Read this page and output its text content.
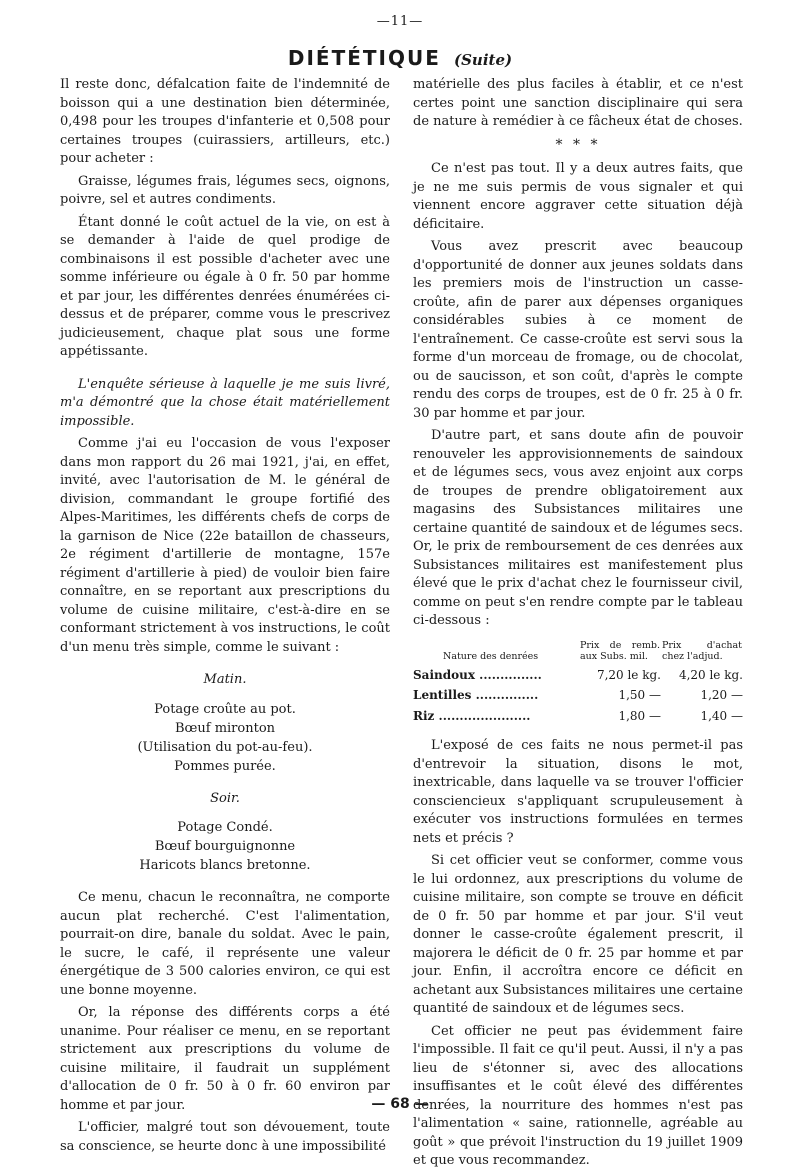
—11—
DIÉTÉTIQUE (Suite)

Il reste donc, défalcation faite de l'indemnité de boisson qui a une destination bien déterminée, 0,498 pour les troupes d'infanterie et 0,508 pour certaines troupes (cuirassiers, artilleurs, etc.) pour acheter :

Graisse, légumes frais, légumes secs, oignons, poivre, sel et autres condiments.

Étant donné le coût actuel de la vie, on est à se demander à l'aide de quel prodige de combinaisons il est possible d'acheter avec une somme inférieure ou égale à 0 fr. 50 par homme et par jour, les différentes denrées énumérées ci-dessus et de préparer, comme vous le prescrivez judicieusement, chaque plat sous une forme appétissante.

L'enquête sérieuse à laquelle je me suis livré, m'a démontré que la chose était matériellement impossible.

Comme j'ai eu l'occasion de vous l'exposer dans mon rapport du 26 mai 1921, j'ai, en effet, invité, avec l'autorisation de M. le général de division, commandant le groupe fortifié des Alpes-Maritimes, les différents chefs de corps de la garnison de Nice (22e bataillon de chasseurs, 2e régiment d'artillerie de montagne, 157e régiment d'artillerie à pied) de vouloir bien faire connaître, en se reportant aux prescriptions du volume de cuisine militaire, c'est-à-dire en se conformant strictement à vos instructions, le coût d'un menu très simple, comme le suivant :

Matin.
Potage croûte au pot.
Bœuf mironton
(Utilisation du pot-au-feu).
Pommes purée.
Soir.
Potage Condé.
Bœuf bourguignonne
Haricots blancs bretonne.

Ce menu, chacun le reconnaîtra, ne comporte aucun plat recherché. C'est l'alimentation, pourrait-on dire, banale du soldat. Avec le pain, le sucre, le café, il représente une valeur énergétique de 3 500 calories environ, ce qui est une bonne moyenne.

Or, la réponse des différents corps a été unanime. Pour réaliser ce menu, en se reportant strictement aux prescriptions du volume de cuisine militaire, il faudrait un supplément d'allocation de 0 fr. 50 à 0 fr. 60 environ par homme et par jour.

L'officier, malgré tout son dévouement, toute sa conscience, se heurte donc à une impossibilité

matérielle des plus faciles à établir, et ce n'est certes point une sanction disciplinaire qui sera de nature à remédier à ce fâcheux état de choses.

* * *

Ce n'est pas tout. Il y a deux autres faits, que je ne me suis permis de vous signaler et qui viennent encore aggraver cette situation déjà déficitaire.

Vous avez prescrit avec beaucoup d'opportunité de donner aux jeunes soldats dans les premiers mois de l'instruction un casse-croûte, afin de parer aux dépenses organiques considérables subies à ce moment de l'entraînement. Ce casse-croûte est servi sous la forme d'un morceau de fromage, ou de chocolat, ou de saucisson, et son coût, d'après le compte rendu des corps de troupes, est de 0 fr. 25 à 0 fr. 30 par homme et par jour.

D'autre part, et sans doute afin de pouvoir renouveler les approvisionnements de saindoux et de légumes secs, vous avez enjoint aux corps de troupes de prendre obligatoirement aux magasins des Subsistances militaires une certaine quantité de saindoux et de légumes secs. Or, le prix de remboursement de ces denrées aux Subsistances militaires est manifestement plus élevé que le prix d'achat chez le fournisseur civil, comme on peut s'en rendre compte par le tableau ci-dessous :

Nature des denrées	Prix de remb. aux Subs. mil.	Prix d'achat chez l'adjud.
Saindoux ...............	7,20 le kg.	4,20 le kg.
Lentilles ...............	1,50 —	1,20 —
Riz ......................	1,80 —	1,40 —

L'exposé de ces faits ne nous permet-il pas d'entrevoir la situation, disons le mot, inextricable, dans laquelle va se trouver l'officier consciencieux s'appliquant scrupuleusement à exécuter vos instructions formulées en termes nets et précis ?

Si cet officier veut se conformer, comme vous le lui ordonnez, aux prescriptions du volume de cuisine militaire, son compte se trouve en déficit de 0 fr. 50 par homme et par jour. S'il veut donner le casse-croûte également prescrit, il majorera le déficit de 0 fr. 25 par homme et par jour. Enfin, il accroîtra encore ce déficit en achetant aux Subsistances militaires une certaine quantité de saindoux et de légumes secs.

Cet officier ne peut pas évidemment faire l'impossible. Il fait ce qu'il peut. Aussi, il n'y a pas lieu de s'étonner si, avec des allocations insuffisantes et le coût élevé des différentes denrées, la nourriture des hommes n'est pas l'alimentation « saine, rationnelle, agréable au goût » que prévoit l'instruction du 19 juillet 1909 et que vous recommandez.

— 68 —
